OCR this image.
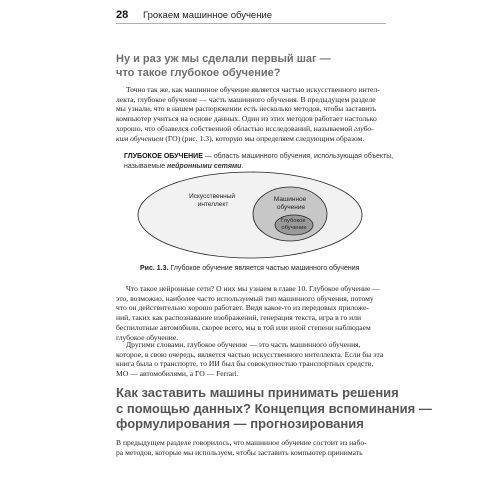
28 Грокаем машинное обучение
Ну и раз уж мы сделали первый шаг —
что такое глубокое обучение?
Точно так же, как машинное обучение является частью искусственного интел-
лекта, глубокое обучение — часть машинного обучения. В предыдущем разделе
мы узнали, что в нашем распоряжении есть несколько методов, чтобы заставить
компьютер учиться на основе данных. Один из этих методов работает настолько
хорошо, что обзавелся собственной областью исследований, называемой глубо-
ким обучением (ГО) (рис. 1.3), которую мы определяем следующим образом.
ГЛУБОКОЕ ОБУЧЕНИЕ — область машинного обучения, использующая объекты,
называемые нейронными сетями.
Искусственный интеллект
Машинное обучение
Глубокое обучение
Рис. 1.3. Глубокое обучение является частью машинного обучения
Что такое нейронные сети? О них мы узнаем в главе 10. Глубокое обучение —
это, возможно, наиболее часто используемый тип машинного обучения, потому
что он действительно хорошо работает. Видя какое-то из передовых приложе-
ний, таких как распознавание изображений, генерация текста, игра в го или
беспилотные автомобили, скорее всего, мы в той или иной степени наблюдаем
глубокое обучение.
Другими словами, глубокое обучение — это часть машинного обучения,
которое, в свою очередь, является частью искусственного интеллекта. Если бы эта
книга была о транспорте, то ИИ был бы совокупностью транспортных средств,
МО — автомобилями, а ГО — Ferrari.
Как заставить машины принимать решения
с помощью данных? Концепция вспоминания —
формулирования — прогнозирования
В предыдущем разделе говорилось, что машинное обучение состоит из набо-
ра методов, которые мы используем, чтобы заставить компьютер принимать
